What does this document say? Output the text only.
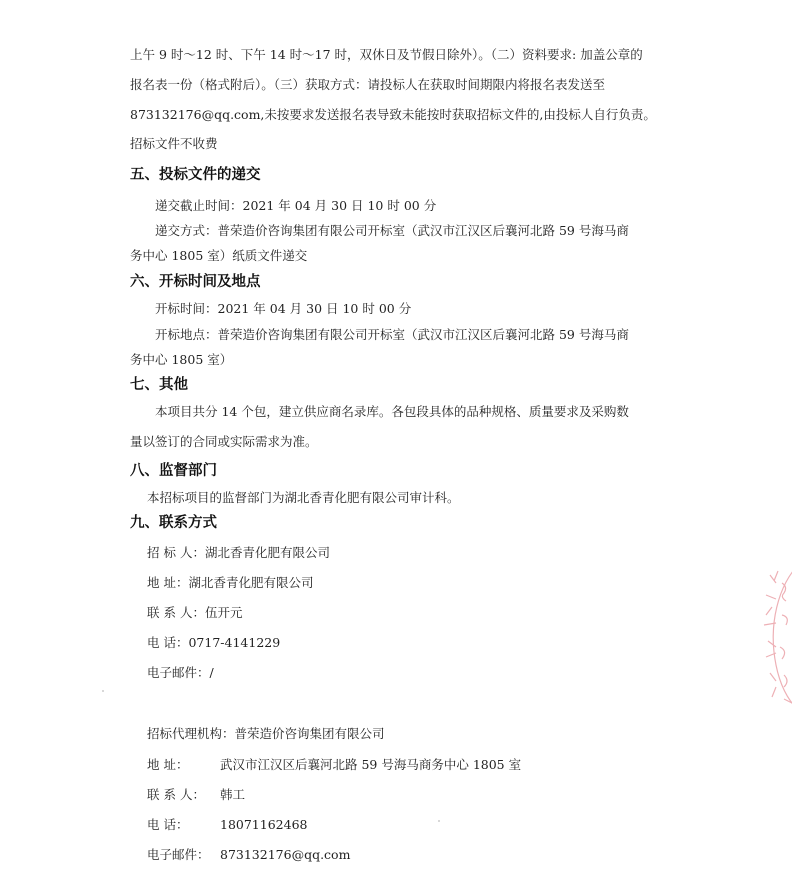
上午 9 时～12 时、下午 14 时～17 时，双休日及节假日除外）。（二）资料要求: 加盖公章的
报名表一份（格式附后）。（三）获取方式：请投标人在获取时间期限内将报名表发送至
873132176@qq.com,未按要求发送报名表导致未能按时获取招标文件的,由投标人自行负责。
招标文件不收费
五、投标文件的递交
递交截止时间：2021 年 04 月 30 日 10 时 00 分
递交方式：普荣造价咨询集团有限公司开标室（武汉市江汉区后襄河北路 59 号海马商
务中心 1805 室）纸质文件递交
六、开标时间及地点
开标时间：2021 年 04 月 30 日 10 时 00 分
开标地点：普荣造价咨询集团有限公司开标室（武汉市江汉区后襄河北路 59 号海马商
务中心 1805 室）
七、其他
本项目共分 14 个包，建立供应商名录库。各包段具体的品种规格、质量要求及采购数
量以签订的合同或实际需求为准。
八、监督部门
本招标项目的监督部门为湖北香青化肥有限公司审计科。
九、联系方式
招 标 人：湖北香青化肥有限公司
地 址：湖北香青化肥有限公司
联 系 人：伍开元
电 话：0717-4141229
电子邮件：/
招标代理机构：普荣造价咨询集团有限公司
地 址：	武汉市江汉区后襄河北路 59 号海马商务中心 1805 室
联 系 人： 韩工
电 话：	18071162468
电子邮件： 873132176@qq.com
